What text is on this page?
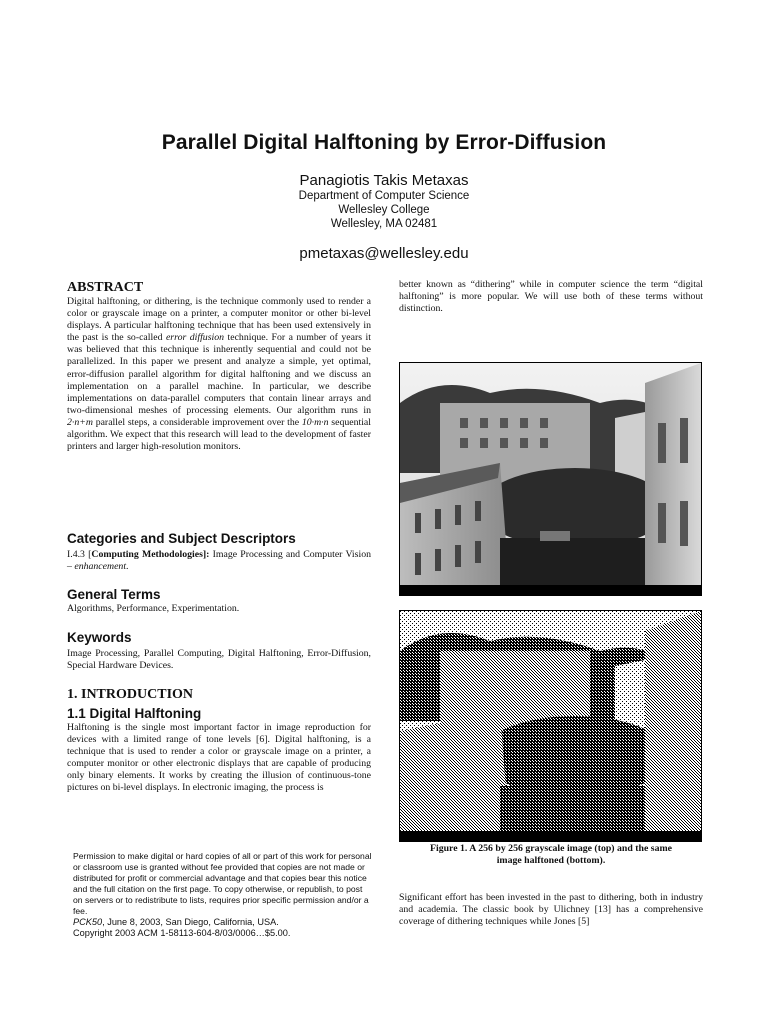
Parallel Digital Halftoning by Error-Diffusion
Panagiotis Takis Metaxas
Department of Computer Science
Wellesley College
Wellesley, MA 02481
pmetaxas@wellesley.edu
ABSTRACT
Digital halftoning, or dithering, is the technique commonly used to render a color or grayscale image on a printer, a computer monitor or other bi-level displays. A particular halftoning technique that has been used extensively in the past is the so-called error diffusion technique. For a number of years it was believed that this technique is inherently sequential and could not be parallelized. In this paper we present and analyze a simple, yet optimal, error-diffusion parallel algorithm for digital halftoning and we discuss an implementation on a parallel machine. In particular, we describe implementations on data-parallel computers that contain linear arrays and two-dimensional meshes of processing elements. Our algorithm runs in 2·n+m parallel steps, a considerable improvement over the 10·m·n sequential algorithm. We expect that this research will lead to the development of faster printers and larger high-resolution monitors.
Categories and Subject Descriptors
I.4.3 [Computing Methodologies]: Image Processing and Computer Vision – enhancement.
General Terms
Algorithms, Performance, Experimentation.
Keywords
Image Processing, Parallel Computing, Digital Halftoning, Error-Diffusion, Special Hardware Devices.
1. INTRODUCTION
1.1 Digital Halftoning
Halftoning is the single most important factor in image reproduction for devices with a limited range of tone levels [6]. Digital halftoning, is a technique that is used to render a color or grayscale image on a printer, a computer monitor or other electronic displays that are capable of producing only binary elements. It works by creating the illusion of continuous-tone pictures on bi-level displays. In electronic imaging, the process is
Permission to make digital or hard copies of all or part of this work for personal or classroom use is granted without fee provided that copies are not made or distributed for profit or commercial advantage and that copies bear this notice and the full citation on the first page. To copy otherwise, or republish, to post on servers or to redistribute to lists, requires prior specific permission and/or a fee.
PCK50, June 8, 2003, San Diego, California, USA.
Copyright 2003 ACM 1-58113-604-8/03/0006…$5.00.
better known as “dithering” while in computer science the term “digital halftoning” is more popular. We will use both of these terms without distinction.
Figure 1. A 256 by 256 grayscale image (top) and the same
image halftoned (bottom).
Significant effort has been invested in the past to dithering, both in industry and academia. The classic book by Ulichney [13] has a comprehensive coverage of dithering techniques while Jones [5]
